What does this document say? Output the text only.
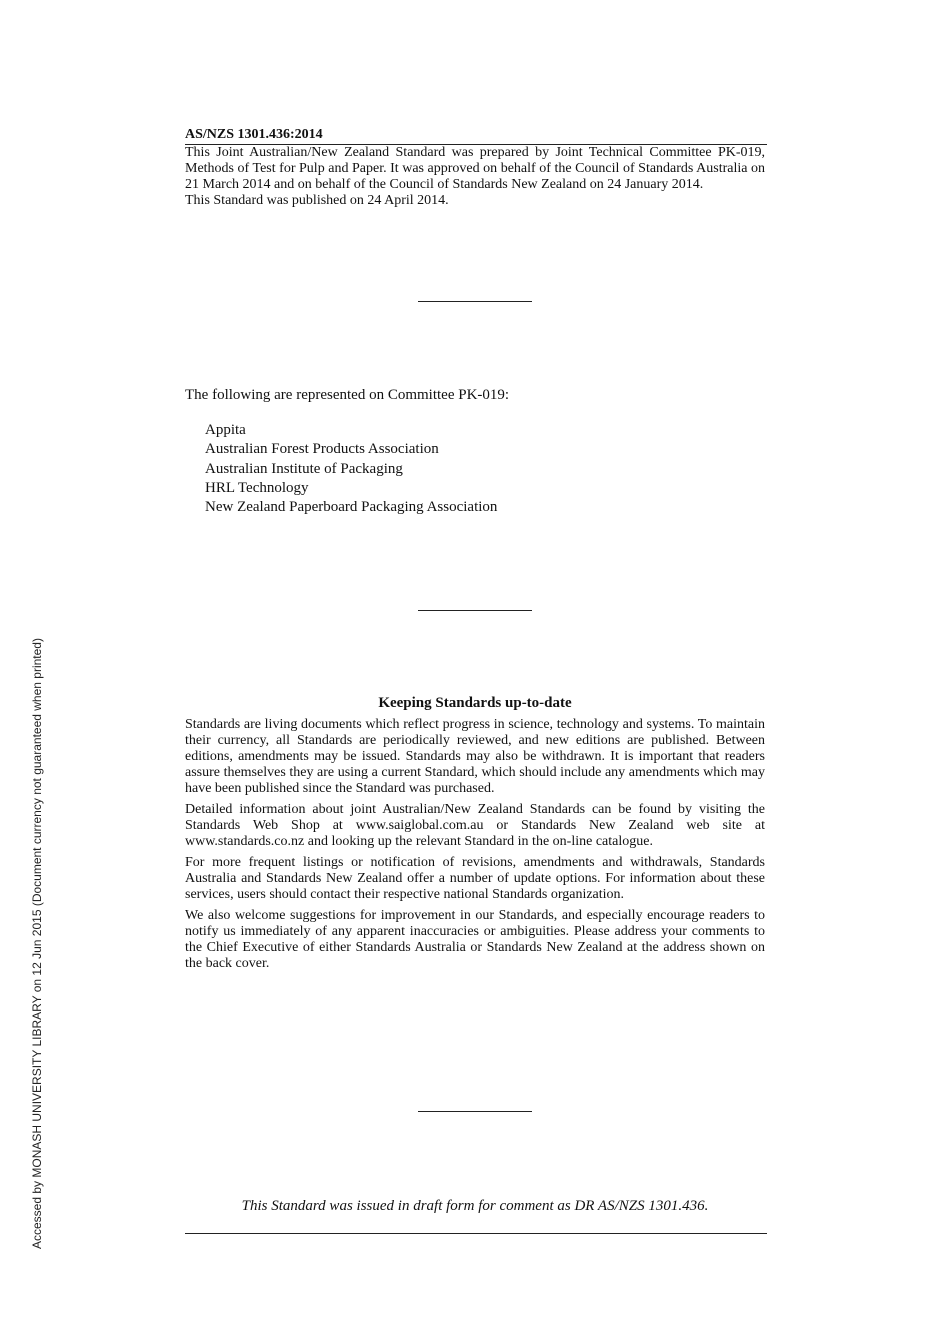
AS/NZS 1301.436:2014

This Joint Australian/New Zealand Standard was prepared by Joint Technical Committee PK-019, Methods of Test for Pulp and Paper. It was approved on behalf of the Council of Standards Australia on 21 March 2014 and on behalf of the Council of Standards New Zealand on 24 January 2014.

This Standard was published on 24 April 2014.

The following are represented on Committee PK-019:
Appita
Australian Forest Products Association
Australian Institute of Packaging
HRL Technology
New Zealand Paperboard Packaging Association
Keeping Standards up-to-date

Standards are living documents which reflect progress in science, technology and systems. To maintain their currency, all Standards are periodically reviewed, and new editions are published. Between editions, amendments may be issued. Standards may also be withdrawn. It is important that readers assure themselves they are using a current Standard, which should include any amendments which may have been published since the Standard was purchased.

Detailed information about joint Australian/New Zealand Standards can be found by visiting the Standards Web Shop at www.saiglobal.com.au or Standards New Zealand web site at www.standards.co.nz and looking up the relevant Standard in the on-line catalogue.

For more frequent listings or notification of revisions, amendments and withdrawals, Standards Australia and Standards New Zealand offer a number of update options. For information about these services, users should contact their respective national Standards organization.

We also welcome suggestions for improvement in our Standards, and especially encourage readers to notify us immediately of any apparent inaccuracies or ambiguities. Please address your comments to the Chief Executive of either Standards Australia or Standards New Zealand at the address shown on the back cover.

This Standard was issued in draft form for comment as DR AS/NZS 1301.436.
Accessed by MONASH UNIVERSITY LIBRARY on 12 Jun 2015 (Document currency not guaranteed when printed)
